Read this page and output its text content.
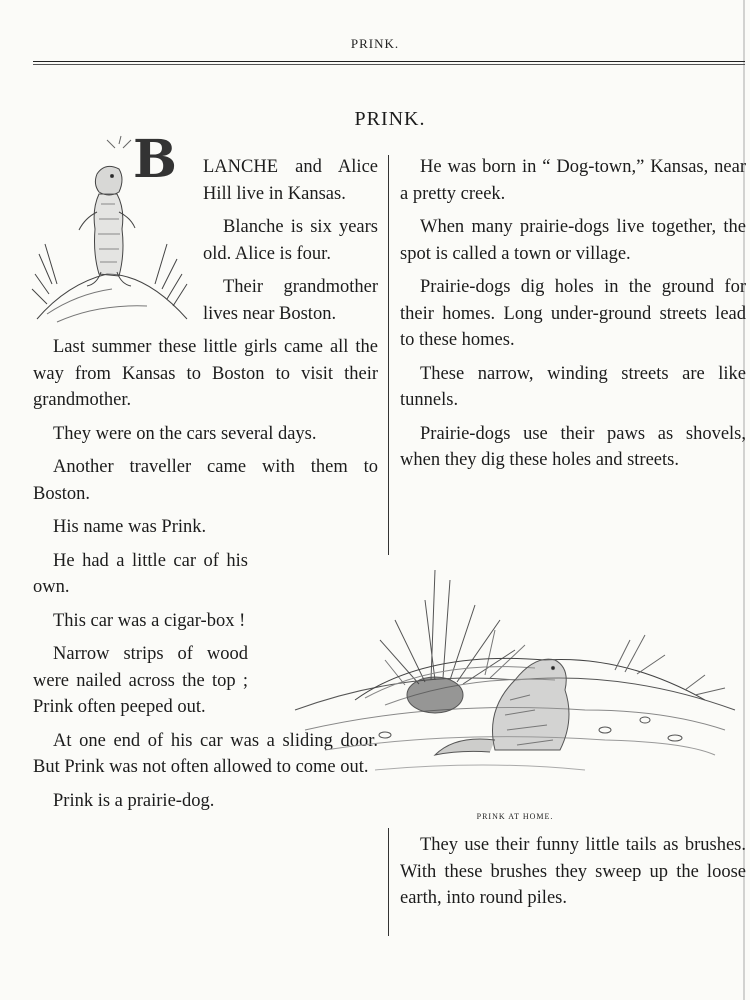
PRINK.
PRINK.
B	LANCHE and Alice Hill live in Kansas.

Blanche is six years old. Alice is four.

Their grandmother lives near Boston.

Last summer these little girls came all the way from Kansas to Boston to visit their grandmother.

They were on the cars several days.

Another traveller came with them to Boston.

His name was Prink.

He had a little car of his own.

This car was a cigar-box !

Narrow strips of wood were nailed across the top ; Prink often peeped out.

At one end of his car was a sliding door. But Prink was not often allowed to come out.

Prink is a prairie-dog.

He was born in “ Dog-town,” Kansas, near a pretty creek.

When many prairie-dogs live together, the spot is called a town or village.

Prairie-dogs dig holes in the ground for their homes. Long under-ground streets lead to these homes.

These narrow, winding streets are like tunnels.

Prairie-dogs use their paws as shovels, when they dig these holes and streets.

PRINK AT HOME.

They use their funny little tails as brushes. With these brushes they sweep up the loose earth, into round piles.
